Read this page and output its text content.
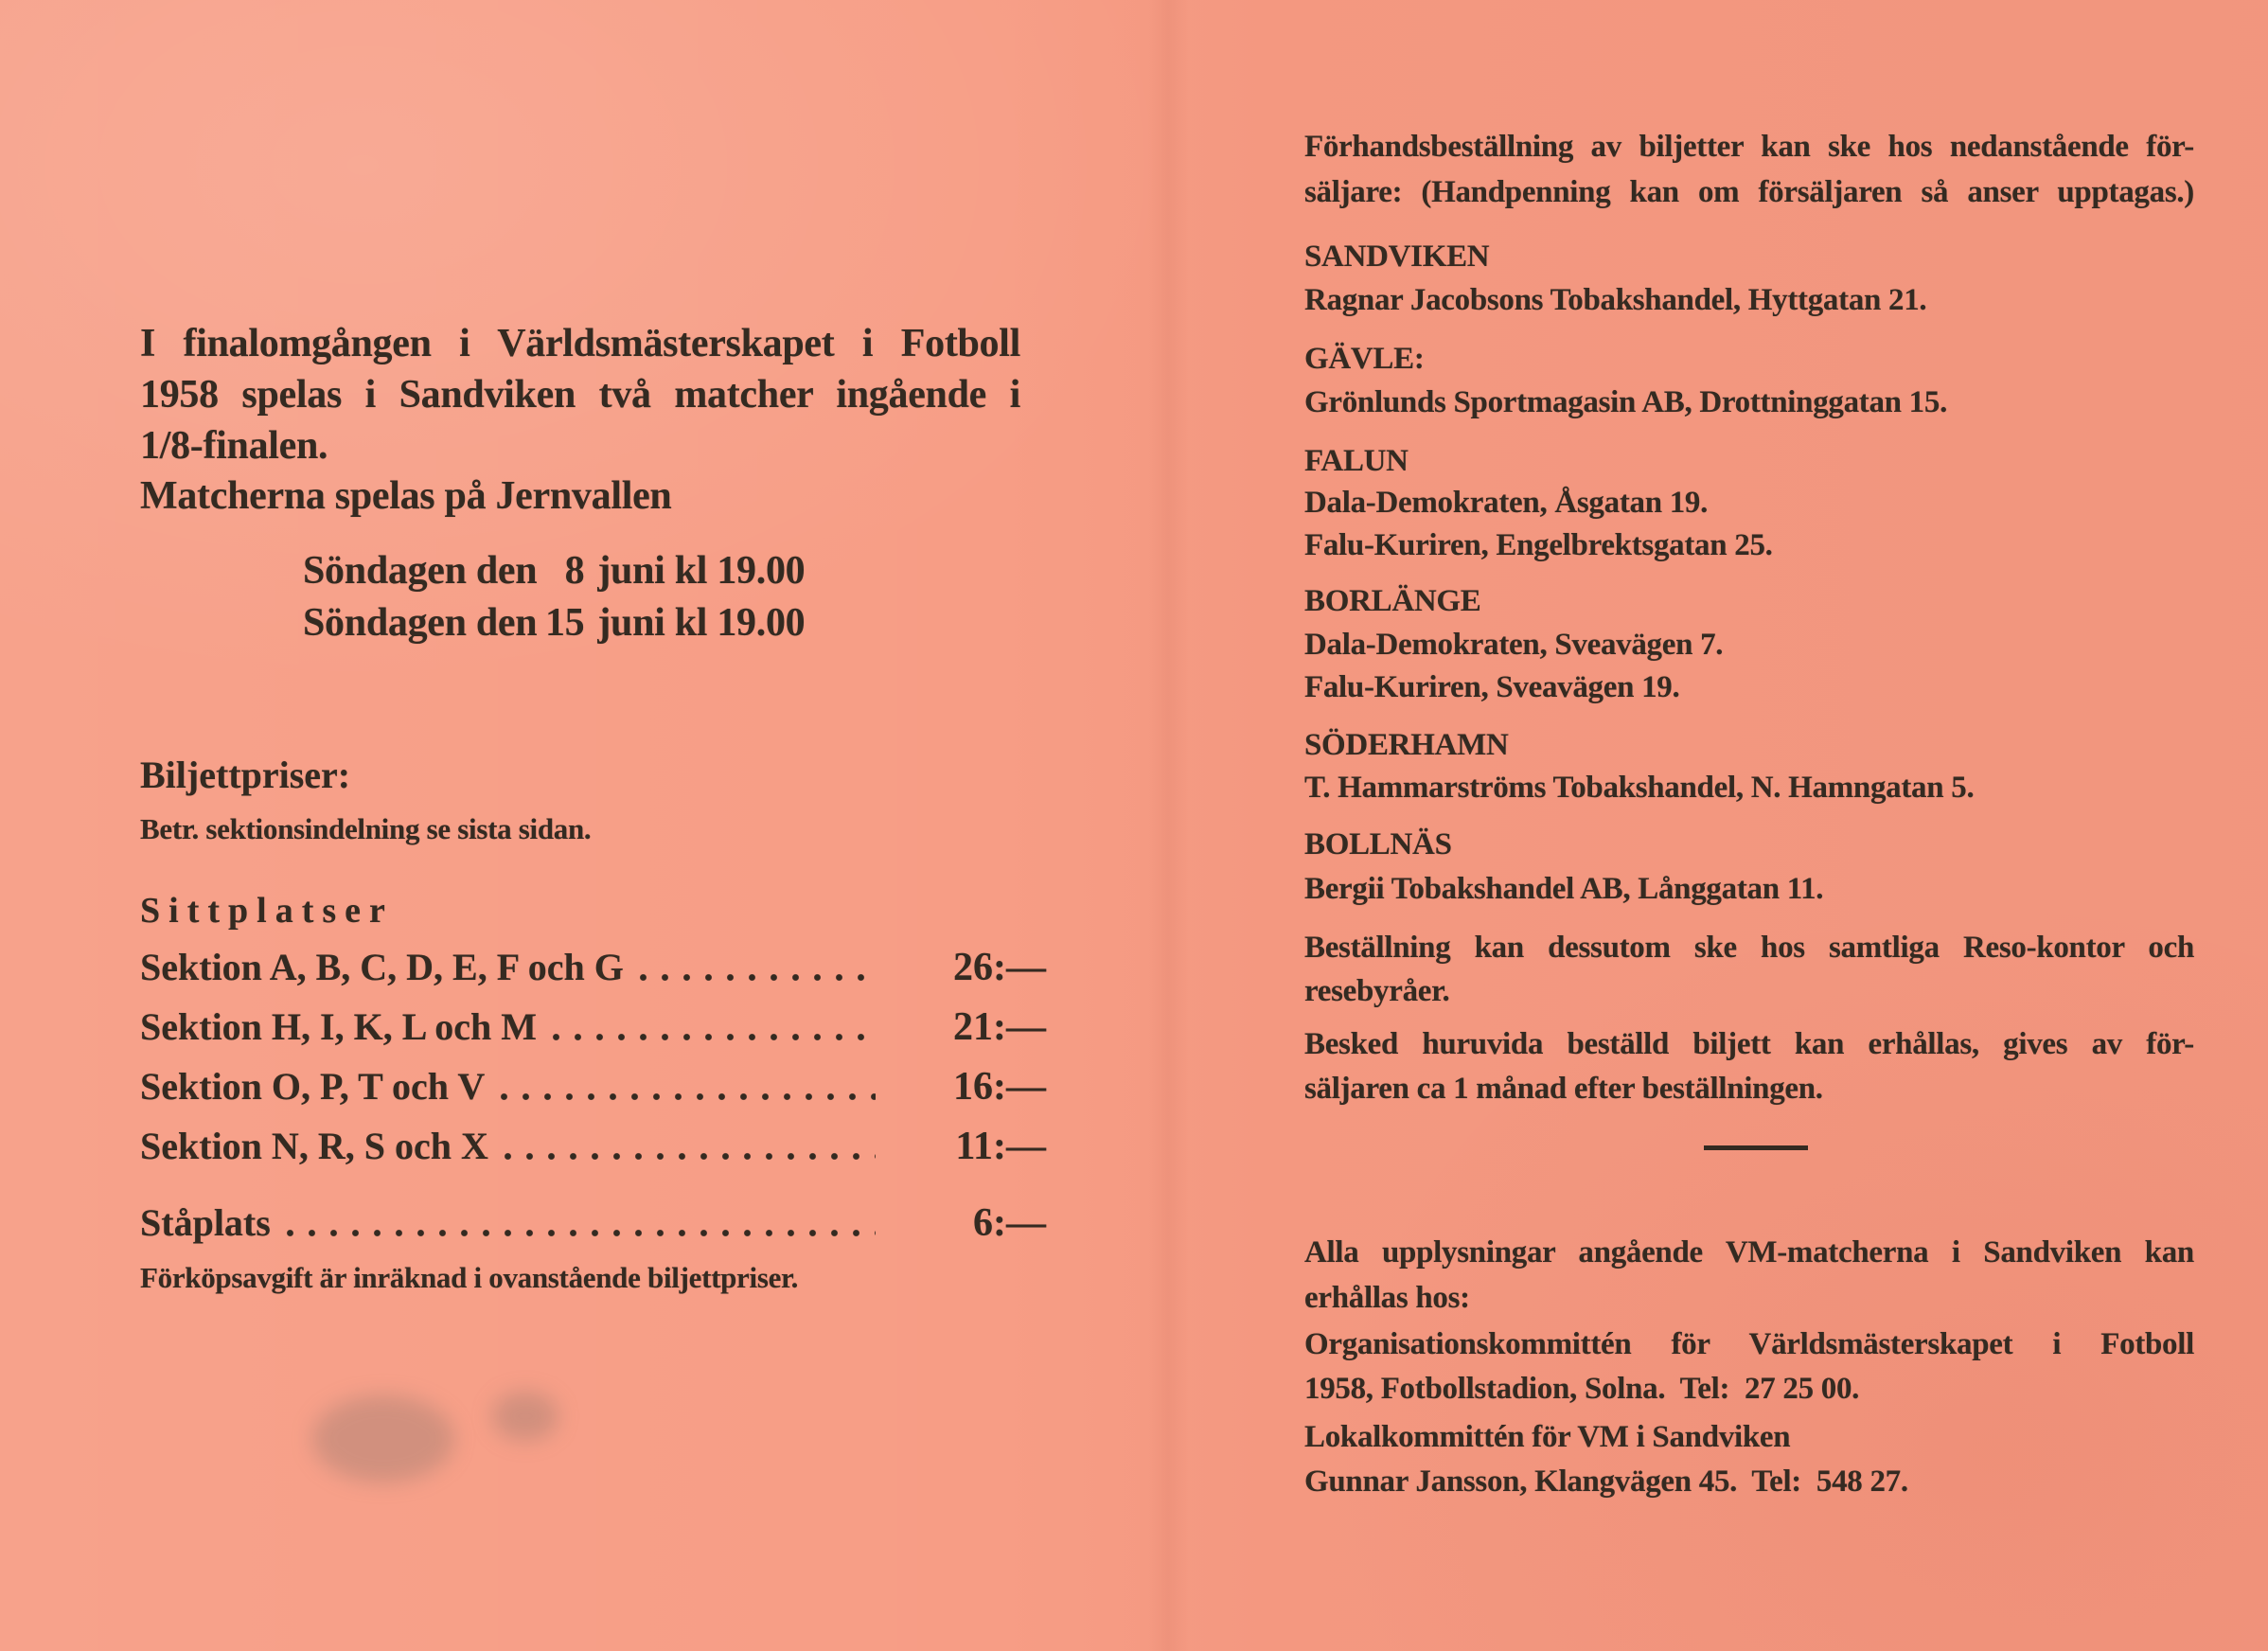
I finalomgången i Världsmästerskapet i Fotboll
1958 spelas i Sandviken två matcher ingående i
1/8-finalen.
Matcherna spelas på Jernvallen
Söndagen den 8 juni kl 19.00
Söndagen den 15 juni kl 19.00
Biljettpriser:
Betr. sektionsindelning se sista sidan.
Sittplatser
Sektion A, B, C, D, E, F och G	26:—
Sektion H, I, K, L och M	21:—
Sektion O, P, T och V	16:—
Sektion N, R, S och X	11:—
Ståplats	6:—
Förköpsavgift är inräknad i ovanstående biljettpriser.
Förhandsbeställning av biljetter kan ske hos nedanstående för-
säljare: (Handpenning kan om försäljaren så anser upptagas.)
SANDVIKEN
Ragnar Jacobsons Tobakshandel, Hyttgatan 21.
GÄVLE:
Grönlunds Sportmagasin AB, Drottninggatan 15.
FALUN
Dala-Demokraten, Åsgatan 19.
Falu-Kuriren, Engelbrektsgatan 25.
BORLÄNGE
Dala-Demokraten, Sveavägen 7.
Falu-Kuriren, Sveavägen 19.
SÖDERHAMN
T. Hammarströms Tobakshandel, N. Hamngatan 5.
BOLLNÄS
Bergii Tobakshandel AB, Långgatan 11.
Beställning kan dessutom ske hos samtliga Reso-kontor och
resebyråer.
Besked huruvida beställd biljett kan erhållas, gives av för-
säljaren ca 1 månad efter beställningen.
Alla upplysningar angående VM-matcherna i Sandviken kan
erhållas hos:
Organisationskommittén för Världsmästerskapet i Fotboll
1958, Fotbollstadion, Solna.  Tel:  27 25 00.
Lokalkommittén för VM i Sandviken
Gunnar Jansson, Klangvägen 45.  Tel:  548 27.
